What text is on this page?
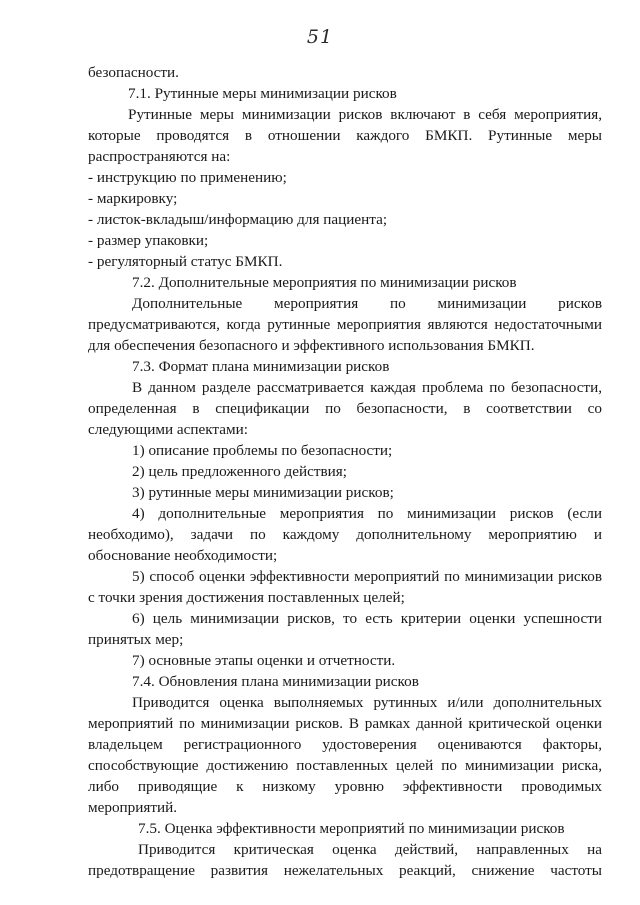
51
безопасности.
7.1. Рутинные меры минимизации рисков
Рутинные меры минимизации рисков включают в себя мероприятия,
которые проводятся в отношении каждого БМКП. Рутинные меры
распространяются на:
- инструкцию по применению;
- маркировку;
- листок-вкладыш/информацию для пациента;
- размер упаковки;
- регуляторный статус БМКП.
7.2. Дополнительные мероприятия по минимизации рисков
Дополнительные мероприятия по минимизации рисков
предусматриваются, когда рутинные мероприятия являются недостаточными
для обеспечения безопасного и эффективного использования БМКП.
7.3. Формат плана минимизации рисков
В данном разделе рассматривается каждая проблема по безопасности,
определенная в спецификации по безопасности, в соответствии со
следующими аспектами:
1) описание проблемы по безопасности;
2) цель предложенного действия;
3) рутинные меры минимизации рисков;
4) дополнительные мероприятия по минимизации рисков (если
необходимо), задачи по каждому дополнительному мероприятию и
обоснование необходимости;
5) способ оценки эффективности мероприятий по минимизации рисков
с точки зрения достижения поставленных целей;
6) цель минимизации рисков, то есть критерии оценки успешности
принятых мер;
7) основные этапы оценки и отчетности.
7.4. Обновления плана минимизации рисков
Приводится оценка выполняемых рутинных и/или дополнительных
мероприятий по минимизации рисков. В рамках данной критической оценки
владельцем регистрационного удостоверения оцениваются факторы,
способствующие достижению поставленных целей по минимизации риска,
либо приводящие к низкому уровню эффективности проводимых
мероприятий.
7.5. Оценка эффективности мероприятий по минимизации рисков
Приводится критическая оценка действий, направленных на
предотвращение развития нежелательных реакций, снижение частоты
